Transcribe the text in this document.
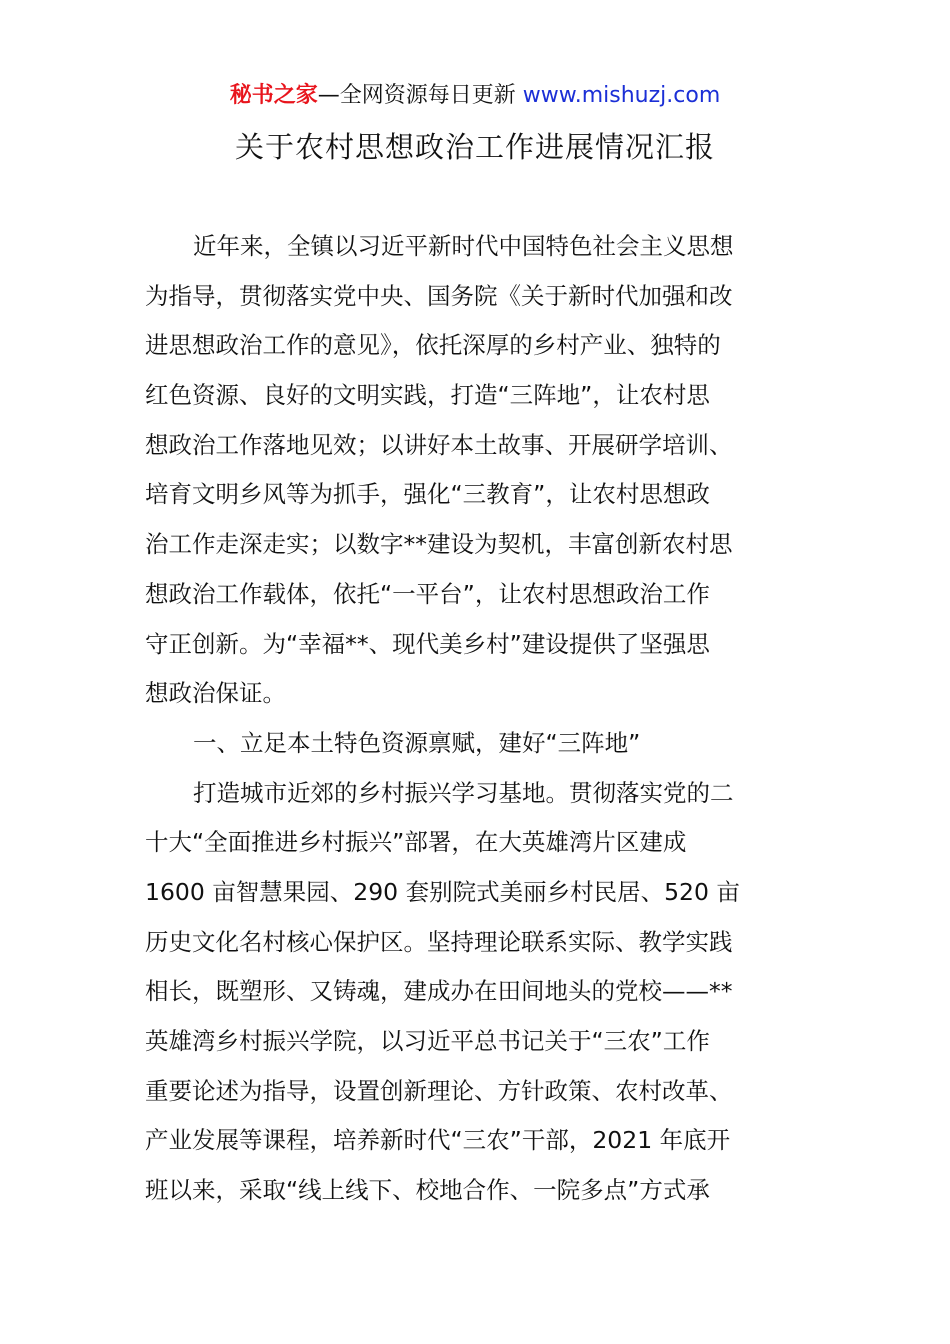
秘书之家—全网资源每日更新 www.mishuzj.com
关于农村思想政治工作进展情况汇报
近年来，全镇以习近平新时代中国特色社会主义思想
为指导，贯彻落实党中央、国务院《关于新时代加强和改
进思想政治工作的意见》，依托深厚的乡村产业、独特的
红色资源、良好的文明实践，打造“三阵地”，让农村思
想政治工作落地见效；以讲好本土故事、开展研学培训、
培育文明乡风等为抓手，强化“三教育”，让农村思想政
治工作走深走实；以数字**建设为契机，丰富创新农村思
想政治工作载体，依托“一平台”，让农村思想政治工作
守正创新。为“幸福**、现代美乡村”建设提供了坚强思
想政治保证。
一、立足本土特色资源禀赋，建好“三阵地”
打造城市近郊的乡村振兴学习基地。贯彻落实党的二
十大“全面推进乡村振兴”部署，在大英雄湾片区建成
1600 亩智慧果园、290 套别院式美丽乡村民居、520 亩
历史文化名村核心保护区。坚持理论联系实际、教学实践
相长，既塑形、又铸魂，建成办在田间地头的党校——**
英雄湾乡村振兴学院，以习近平总书记关于“三农”工作
重要论述为指导，设置创新理论、方针政策、农村改革、
产业发展等课程，培养新时代“三农”干部，2021 年底开
班以来，采取“线上线下、校地合作、一院多点”方式承
